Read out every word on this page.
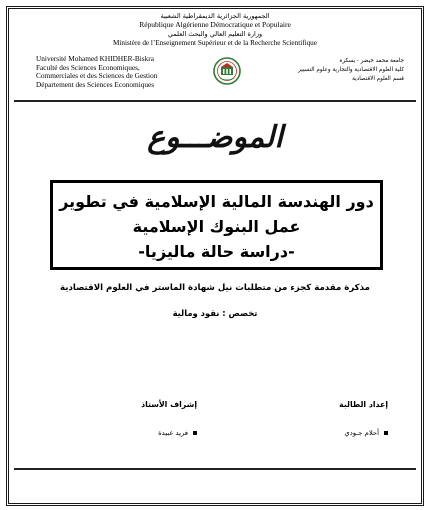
الجمهورية الجزائرية الديمقراطية الشعبية
République Algérienne Démocratique et Populaire
وزارة التعليم العالي والبحث العلمي
Ministère de l’Enseignement Supérieur et de la Recherche Scientifique
Université Mohamed KHIDHER-Biskra
Faculté des Sciences Economiques,
Commerciales et des Sciences de Gestion
Département des Sciences Economiques
جامعة محمد خيضر - بسكرة
كلية العلوم الاقتصادية والتجارية وعلوم التسيير
قسم العلوم الاقتصادية
الموضـــوع
دور الهندسة المالية الإسلامية في تطوير
عمل البنوك الإسلامية
-دراسة حالة ماليزيا-
مذكرة مقدمة كجزء من متطلبات نيل شهادة الماستر في العلوم الاقتصادية
تخصص : نقود ومالية
إعداد الطالبة
أحلام جـودي
إشراف الأستاذ
فريد عبيدة
